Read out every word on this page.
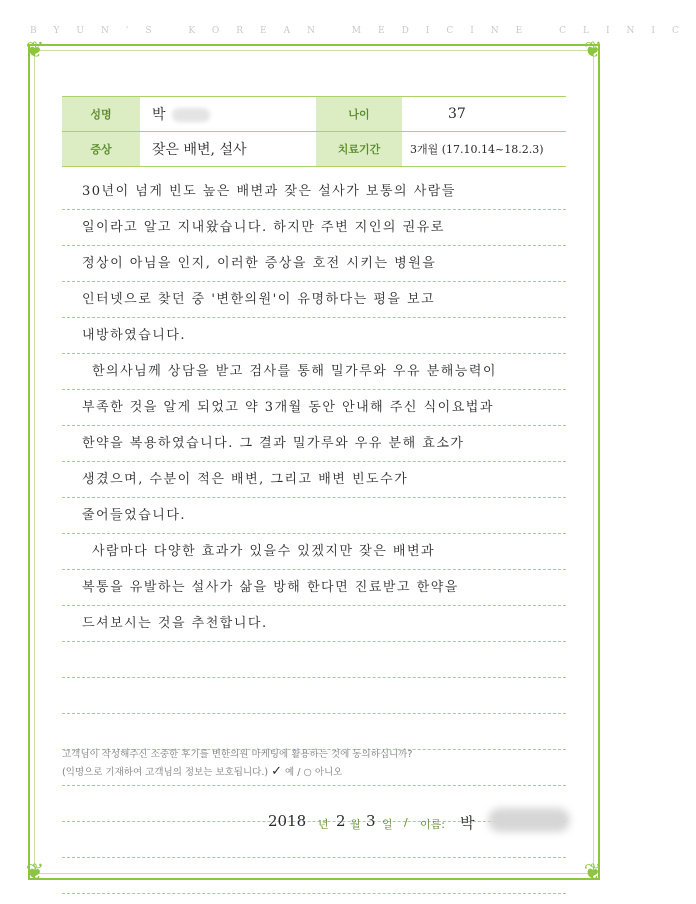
BYUN'S KOREAN MEDICINE CLINIC
❦	❦
❦	❦
성명	박	나이	37
증상	잦은 배변, 설사	치료기간	3개월 (17.10.14~18.2.3)
30년이 넘게 빈도 높은 배변과 잦은 설사가 보통의 사람들
일이라고 알고 지내왔습니다. 하지만 주변 지인의 권유로
정상이 아님을 인지, 이러한 증상을 호전 시키는 병원을
인터넷으로 찾던 중 '변한의원'이 유명하다는 평을 보고
내방하였습니다.
한의사님께 상담을 받고 검사를 통해 밀가루와 우유 분해능력이
부족한 것을 알게 되었고 약 3개월 동안 안내해 주신 식이요법과
한약을 복용하였습니다. 그 결과 밀가루와 우유 분해 효소가
생겼으며, 수분이 적은 배변, 그리고 배변 빈도수가
줄어들었습니다.
사람마다 다양한 효과가 있을수 있겠지만 잦은 배변과
복통을 유발하는 설사가 삶을 방해 한다면 진료받고 한약을
드셔보시는 것을 추천합니다.
고객님이 작성해주신 소중한 후기를 변한의원 마케팅에 활용하는 것에 동의하십니까?
(익명으로 기재하여 고객님의 정보는 보호됩니다.) ✓ 예 / ○ 아니오
2018 년 2 월 3 일 / 이름: 박
